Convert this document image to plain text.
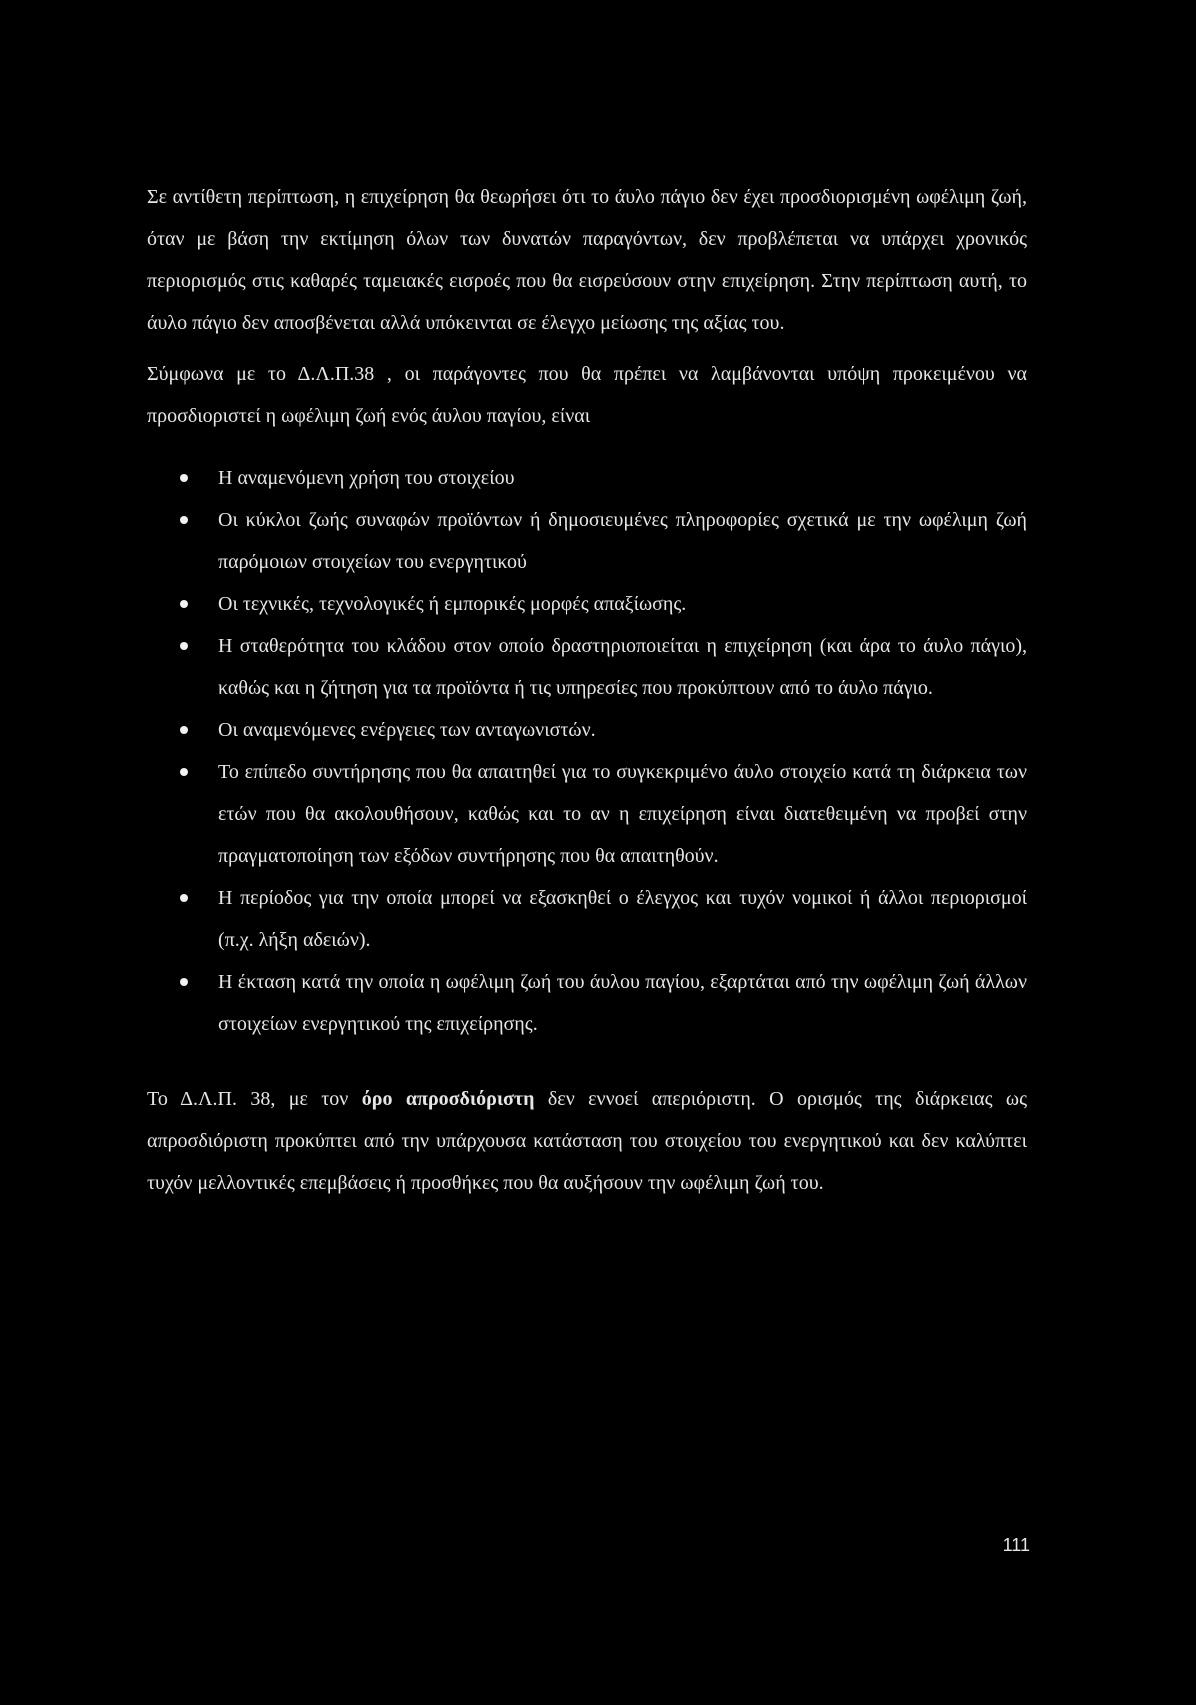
Σε αντίθετη περίπτωση, η επιχείρηση θα θεωρήσει ότι το άυλο πάγιο δεν έχει προσδιορισμένη ωφέλιμη ζωή, όταν με βάση την εκτίμηση όλων των δυνατών παραγόντων, δεν προβλέπεται να υπάρχει χρονικός περιορισμός στις καθαρές ταμειακές εισροές που θα εισρεύσουν στην επιχείρηση. Στην περίπτωση αυτή, το άυλο πάγιο δεν αποσβένεται αλλά υπόκεινται σε έλεγχο μείωσης της αξίας του.

Σύμφωνα με το Δ.Λ.Π.38 , οι παράγοντες που θα πρέπει να λαμβάνονται υπόψη προκειμένου να προσδιοριστεί η ωφέλιμη ζωή ενός άυλου παγίου, είναι

Η αναμενόμενη χρήση του στοιχείου
Οι κύκλοι ζωής συναφών προϊόντων ή δημοσιευμένες πληροφορίες σχετικά με την ωφέλιμη ζωή παρόμοιων στοιχείων του ενεργητικού
Οι τεχνικές, τεχνολογικές ή εμπορικές μορφές απαξίωσης.
Η σταθερότητα του κλάδου στον οποίο δραστηριοποιείται η επιχείρηση (και άρα το άυλο πάγιο), καθώς και η ζήτηση για τα προϊόντα ή τις υπηρεσίες που προκύπτουν από το άυλο πάγιο.
Οι αναμενόμενες ενέργειες των ανταγωνιστών.
Το επίπεδο συντήρησης που θα απαιτηθεί για το συγκεκριμένο άυλο στοιχείο κατά τη διάρκεια των ετών που θα ακολουθήσουν, καθώς και το αν η επιχείρηση είναι διατεθειμένη να προβεί στην πραγματοποίηση των εξόδων συντήρησης που θα απαιτηθούν.
Η περίοδος για την οποία μπορεί να εξασκηθεί ο έλεγχος και τυχόν νομικοί ή άλλοι περιορισμοί (π.χ. λήξη αδειών).
Η έκταση κατά την οποία η ωφέλιμη ζωή του άυλου παγίου, εξαρτάται από την ωφέλιμη ζωή άλλων στοιχείων ενεργητικού της επιχείρησης.

Το Δ.Λ.Π. 38, με τον όρο απροσδιόριστη δεν εννοεί απεριόριστη. Ο ορισμός της διάρκειας ως απροσδιόριστη προκύπτει από την υπάρχουσα κατάσταση του στοιχείου του ενεργητικού και δεν καλύπτει τυχόν μελλοντικές επεμβάσεις ή προσθήκες που θα αυξήσουν την ωφέλιμη ζωή του.

111
